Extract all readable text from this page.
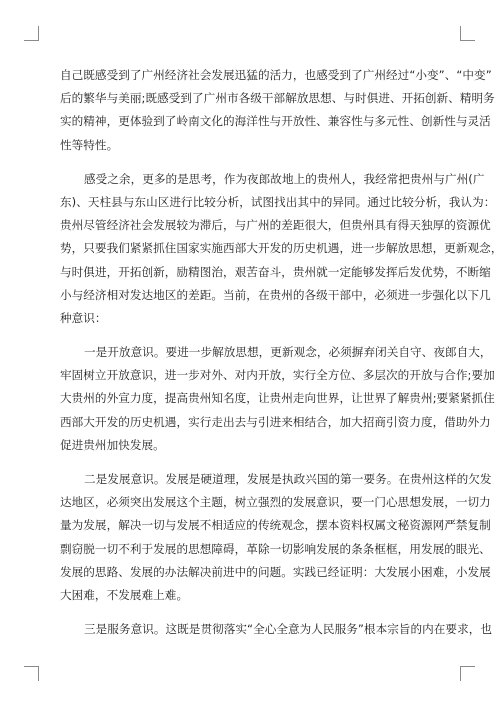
自己既感受到了广州经济社会发展迅猛的活力，也感受到了广州经过“小变”、“中变”
后的繁华与美丽;既感受到了广州市各级干部解放思想、与时俱进、开拓创新、精明务
实的精神，更体验到了岭南文化的海洋性与开放性、兼容性与多元性、创新性与灵活
性等特性。
感受之余，更多的是思考，作为夜郎故地上的贵州人，我经常把贵州与广州(广
东)、天柱县与东山区进行比较分析，试图找出其中的异同。通过比较分析，我认为：
贵州尽管经济社会发展较为滞后，与广州的差距很大，但贵州具有得天独厚的资源优
势，只要我们紧紧抓住国家实施西部大开发的历史机遇，进一步解放思想，更新观念，
与时俱进，开拓创新，励精图治，艰苦奋斗，贵州就一定能够发挥后发优势，不断缩
小与经济相对发达地区的差距。当前，在贵州的各级干部中，必须进一步强化以下几
种意识：
一是开放意识。要进一步解放思想，更新观念，必须摒弃闭关自守、夜郎自大，
牢固树立开放意识，进一步对外、对内开放，实行全方位、多层次的开放与合作;要加
大贵州的外宣力度，提高贵州知名度，让贵州走向世界，让世界了解贵州;要紧紧抓住
西部大开发的历史机遇，实行走出去与引进来相结合，加大招商引资力度，借助外力
促进贵州加快发展。
二是发展意识。发展是硬道理，发展是执政兴国的第一要务。在贵州这样的欠发
达地区，必须突出发展这个主题，树立强烈的发展意识，要一门心思想发展，一切力
量为发展，解决一切与发展不相适应的传统观念，摆本资料权属文秘资源网严禁复制
剽窃脱一切不利于发展的思想障碍，革除一切影响发展的条条框框，用发展的眼光、
发展的思路、发展的办法解决前进中的问题。实践已经证明：大发展小困难，小发展
大困难，不发展难上难。
三是服务意识。这既是贯彻落实“全心全意为人民服务”根本宗旨的内在要求，也
